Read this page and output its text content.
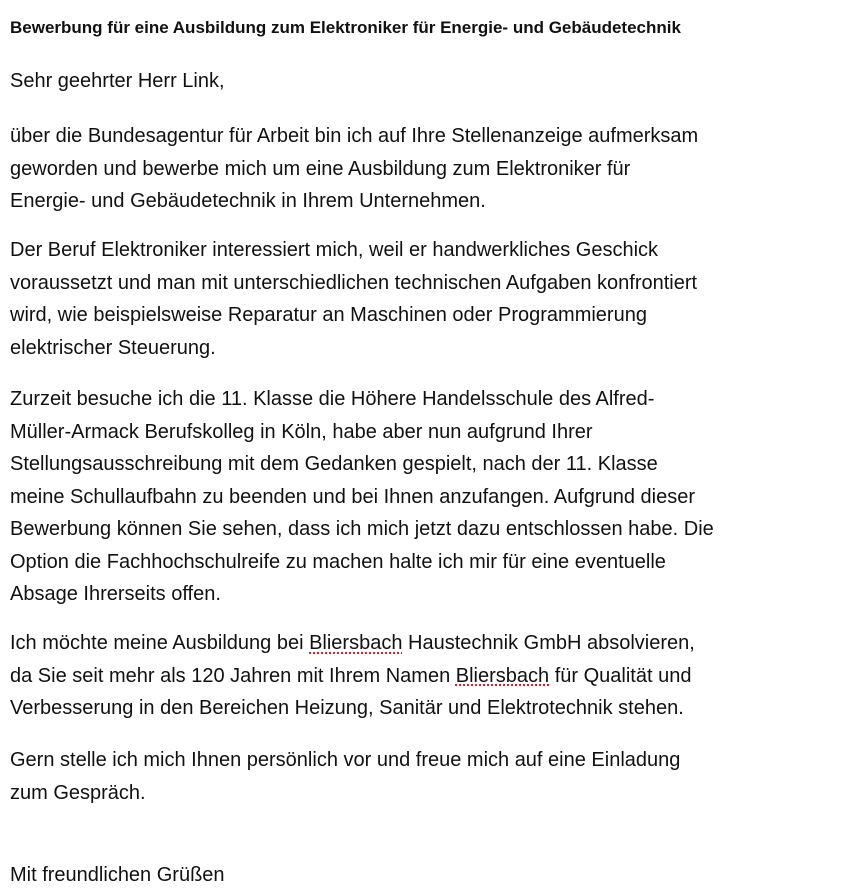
Bewerbung für eine Ausbildung zum Elektroniker für Energie- und Gebäudetechnik
Sehr geehrter Herr Link,
über die Bundesagentur für Arbeit bin ich auf Ihre Stellenanzeige aufmerksam
geworden und bewerbe mich um eine Ausbildung zum Elektroniker für
Energie- und Gebäudetechnik in Ihrem Unternehmen.
Der Beruf Elektroniker interessiert mich, weil er handwerkliches Geschick
voraussetzt und man mit unterschiedlichen technischen Aufgaben konfrontiert
wird, wie beispielsweise Reparatur an Maschinen oder Programmierung
elektrischer Steuerung.
Zurzeit besuche ich die 11. Klasse die Höhere Handelsschule des Alfred-
Müller-Armack Berufskolleg in Köln, habe aber nun aufgrund Ihrer
Stellungsausschreibung mit dem Gedanken gespielt, nach der 11. Klasse
meine Schullaufbahn zu beenden und bei Ihnen anzufangen. Aufgrund dieser
Bewerbung können Sie sehen, dass ich mich jetzt dazu entschlossen habe. Die
Option die Fachhochschulreife zu machen halte ich mir für eine eventuelle
Absage Ihrerseits offen.
Ich möchte meine Ausbildung bei Bliersbach Haustechnik GmbH absolvieren,
da Sie seit mehr als 120 Jahren mit Ihrem Namen Bliersbach für Qualität und
Verbesserung in den Bereichen Heizung, Sanitär und Elektrotechnik stehen.
Gern stelle ich mich Ihnen persönlich vor und freue mich auf eine Einladung
zum Gespräch.
Mit freundlichen Grüßen
